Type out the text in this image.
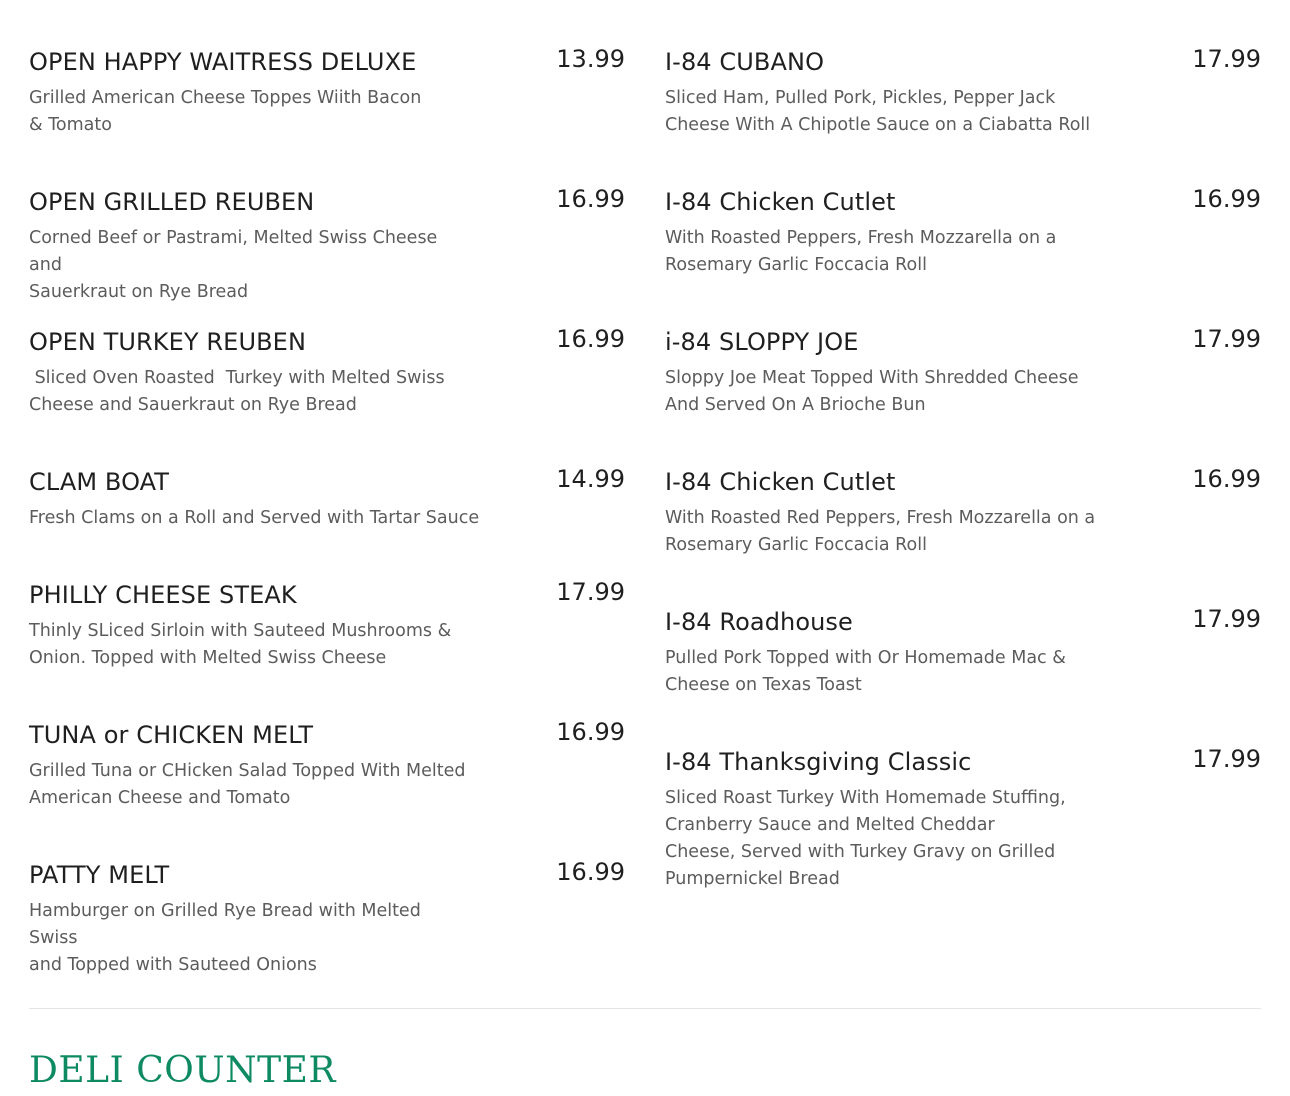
OPEN HAPPY WAITRESS DELUXE	13.99
Grilled American Cheese Toppes Wiith Bacon
& Tomato
OPEN GRILLED REUBEN	16.99
Corned Beef or Pastrami, Melted Swiss Cheese and
Sauerkraut on Rye Bread
OPEN TURKEY REUBEN	16.99
Sliced Oven Roasted  Turkey with Melted Swiss
Cheese and Sauerkraut on Rye Bread
CLAM BOAT	14.99
Fresh Clams on a Roll and Served with Tartar Sauce
PHILLY CHEESE STEAK	17.99
Thinly SLiced Sirloin with Sauteed Mushrooms &
Onion. Topped with Melted Swiss Cheese
TUNA or CHICKEN MELT	16.99
Grilled Tuna or CHicken Salad Topped With Melted
American Cheese and Tomato
PATTY MELT	16.99
Hamburger on Grilled Rye Bread with Melted Swiss
and Topped with Sauteed Onions
I-84 CUBANO	17.99
Sliced Ham, Pulled Pork, Pickles, Pepper Jack
Cheese With A Chipotle Sauce on a Ciabatta Roll
I-84 Chicken Cutlet	16.99
With Roasted Peppers, Fresh Mozzarella on a
Rosemary Garlic Foccacia Roll
i-84 SLOPPY JOE	17.99
Sloppy Joe Meat Topped With Shredded Cheese
And Served On A Brioche Bun
I-84 Chicken Cutlet	16.99
With Roasted Red Peppers, Fresh Mozzarella on a
Rosemary Garlic Foccacia Roll
I-84 Roadhouse	17.99
Pulled Pork Topped with Or Homemade Mac &
Cheese on Texas Toast
I-84 Thanksgiving Classic	17.99
Sliced Roast Turkey With Homemade Stuffing,
Cranberry Sauce and Melted Cheddar
Cheese, Served with Turkey Gravy on Grilled
Pumpernickel Bread
DELI COUNTER
